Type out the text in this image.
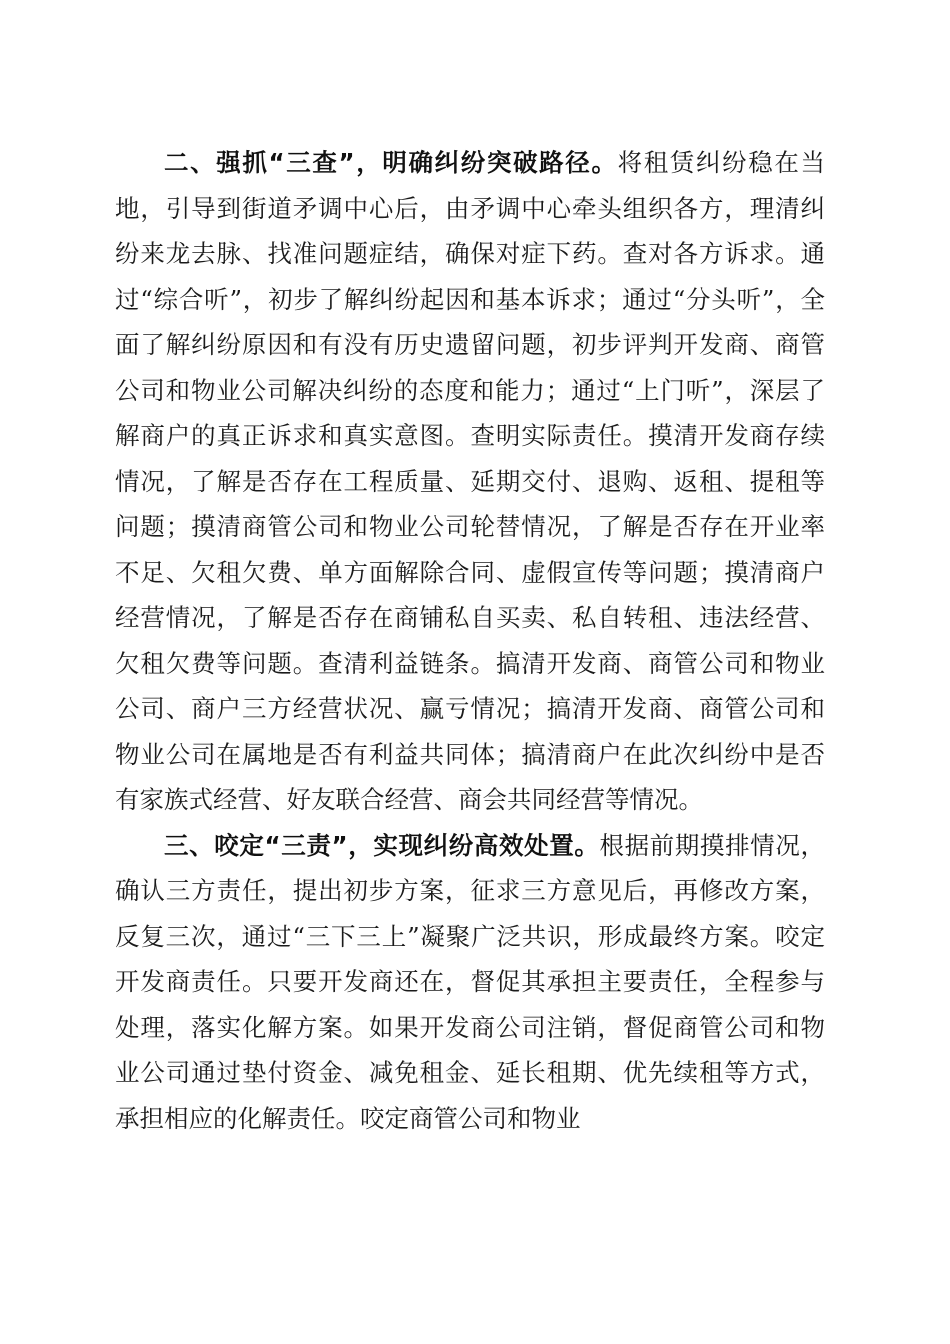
二、强抓“三查”，明确纠纷突破路径。将租赁纠纷稳在当地，引导到街道矛调中心后，由矛调中心牵头组织各方，理清纠纷来龙去脉、找准问题症结，确保对症下药。查对各方诉求。通过“综合听”，初步了解纠纷起因和基本诉求；通过“分头听”，全面了解纠纷原因和有没有历史遗留问题，初步评判开发商、商管公司和物业公司解决纠纷的态度和能力；通过“上门听”，深层了解商户的真正诉求和真实意图。查明实际责任。摸清开发商存续情况，了解是否存在工程质量、延期交付、退购、返租、提租等问题；摸清商管公司和物业公司轮替情况，了解是否存在开业率不足、欠租欠费、单方面解除合同、虚假宣传等问题；摸清商户经营情况，了解是否存在商铺私自买卖、私自转租、违法经营、欠租欠费等问题。查清利益链条。搞清开发商、商管公司和物业公司、商户三方经营状况、赢亏情况；搞清开发商、商管公司和物业公司在属地是否有利益共同体；搞清商户在此次纠纷中是否有家族式经营、好友联合经营、商会共同经营等情况。

三、咬定“三责”，实现纠纷高效处置。根据前期摸排情况，确认三方责任，提出初步方案，征求三方意见后，再修改方案，反复三次，通过“三下三上”凝聚广泛共识，形成最终方案。咬定开发商责任。只要开发商还在，督促其承担主要责任，全程参与处理，落实化解方案。如果开发商公司注销，督促商管公司和物业公司通过垫付资金、减免租金、延长租期、优先续租等方式，承担相应的化解责任。咬定商管公司和物业
